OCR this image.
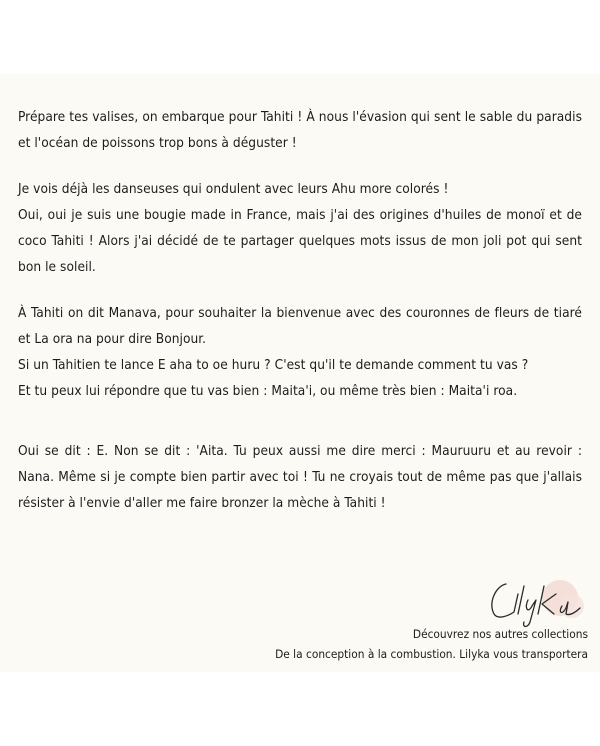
Prépare tes valises, on embarque pour Tahiti ! À nous l'évasion qui sent le sable du paradis et l'océan de poissons trop bons à déguster !

Je vois déjà les danseuses qui ondulent avec leurs Ahu more colorés !

Oui, oui je suis une bougie made in France, mais j'ai des origines d'huiles de monoï et de coco Tahiti ! Alors j'ai décidé de te partager quelques mots issus de mon joli pot qui sent bon le soleil.

À Tahiti on dit Manava, pour souhaiter la bienvenue avec des couronnes de fleurs de tiaré et La ora na pour dire Bonjour.

Si un Tahitien te lance E aha to oe huru ? C'est qu'il te demande comment tu vas ?

Et tu peux lui répondre que tu vas bien : Maita'i, ou même très bien : Maita'i roa.

Oui se dit : E. Non se dit : 'Aita. Tu peux aussi me dire merci : Mauruuru et au revoir : Nana. Même si je compte bien partir avec toi ! Tu ne croyais tout de même pas que j'allais résister à l'envie d'aller me faire bronzer la mèche à Tahiti !

Découvrez nos autres collections
De la conception à la combustion. Lilyka vous transportera
